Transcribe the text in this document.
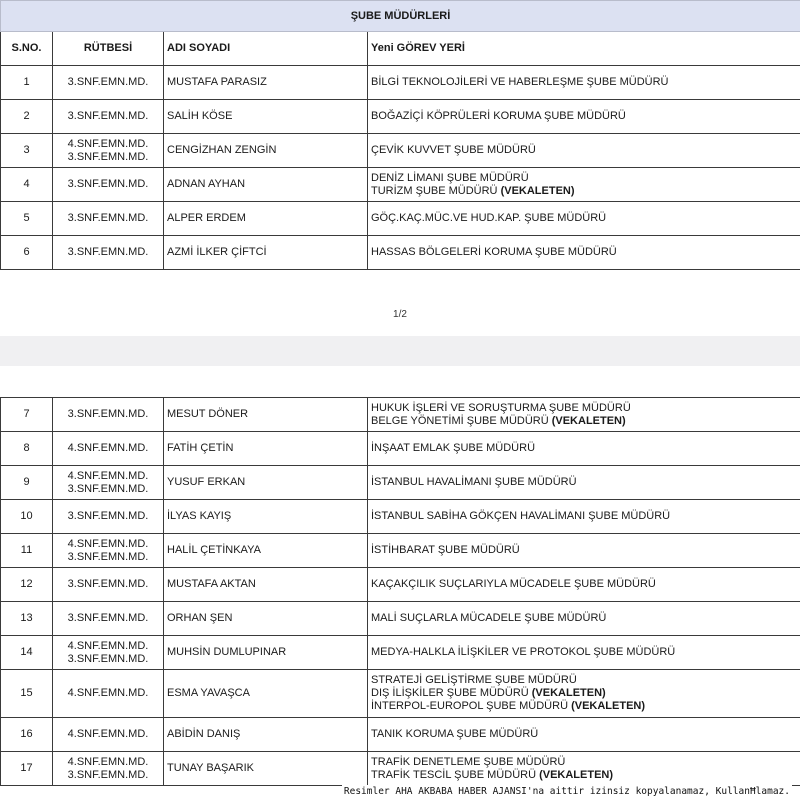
ŞUBE MÜDÜRLERİ			
S.NO.	RÜTBESİ	ADI SOYADI	Yeni GÖREV YERİ
1	3.SNF.EMN.MD.	MUSTAFA PARASIZ	BİLGİ TEKNOLOJİLERİ VE HABERLEŞME ŞUBE MÜDÜRÜ

2	3.SNF.EMN.MD.	SALİH KÖSE	BOĞAZİÇİ KÖPRÜLERİ KORUMA ŞUBE MÜDÜRÜ

3	4.SNF.EMN.MD.
3.SNF.EMN.MD.	CENGİZHAN ZENGİN	ÇEVİK KUVVET ŞUBE MÜDÜRÜ

4	3.SNF.EMN.MD.	ADNAN AYHAN	DENİZ LİMANI ŞUBE MÜDÜRÜ
TURİZM ŞUBE MÜDÜRÜ (VEKALETEN)

5	3.SNF.EMN.MD.	ALPER ERDEM	GÖÇ.KAÇ.MÜC.VE HUD.KAP. ŞUBE MÜDÜRÜ

6	3.SNF.EMN.MD.	AZMİ İLKER ÇİFTCİ	HASSAS BÖLGELERİ KORUMA ŞUBE MÜDÜRÜ
1/2
7	3.SNF.EMN.MD.	MESUT DÖNER	HUKUK İŞLERİ VE SORUŞTURMA ŞUBE MÜDÜRÜ
BELGE YÖNETİMİ ŞUBE MÜDÜRÜ (VEKALETEN)

8	4.SNF.EMN.MD.	FATİH ÇETİN	İNŞAAT EMLAK ŞUBE MÜDÜRÜ

9	4.SNF.EMN.MD.
3.SNF.EMN.MD.	YUSUF ERKAN	İSTANBUL HAVALİMANI ŞUBE MÜDÜRÜ

10	3.SNF.EMN.MD.	İLYAS KAYIŞ	İSTANBUL SABİHA GÖKÇEN HAVALİMANI ŞUBE MÜDÜRÜ

11	4.SNF.EMN.MD.
3.SNF.EMN.MD.	HALİL ÇETİNKAYA	İSTİHBARAT ŞUBE MÜDÜRÜ

12	3.SNF.EMN.MD.	MUSTAFA AKTAN	KAÇAKÇILIK SUÇLARIYLA MÜCADELE ŞUBE MÜDÜRÜ

13	3.SNF.EMN.MD.	ORHAN ŞEN	MALİ SUÇLARLA MÜCADELE ŞUBE MÜDÜRÜ

14	4.SNF.EMN.MD.
3.SNF.EMN.MD.	MUHSİN DUMLUPINAR	MEDYA-HALKLA İLİŞKİLER VE PROTOKOL ŞUBE MÜDÜRÜ

15	4.SNF.EMN.MD.	ESMA YAVAŞCA	STRATEJİ GELİŞTİRME ŞUBE MÜDÜRÜ
DIŞ İLİŞKİLER ŞUBE MÜDÜRÜ (VEKALETEN)
İNTERPOL-EUROPOL ŞUBE MÜDÜRÜ (VEKALETEN)

16	4.SNF.EMN.MD.	ABİDİN DANIŞ	TANIK KORUMA ŞUBE MÜDÜRÜ

17	4.SNF.EMN.MD.
3.SNF.EMN.MD.	TUNAY BAŞARIK	TRAFİK DENETLEME ŞUBE MÜDÜRÜ
TRAFİK TESCİL ŞUBE MÜDÜRÜ (VEKALETEN)
Resimler AHA AKBABA HABER AJANSI'na aittir izinsiz kopyalanamaz, KullanĦlamaz.
